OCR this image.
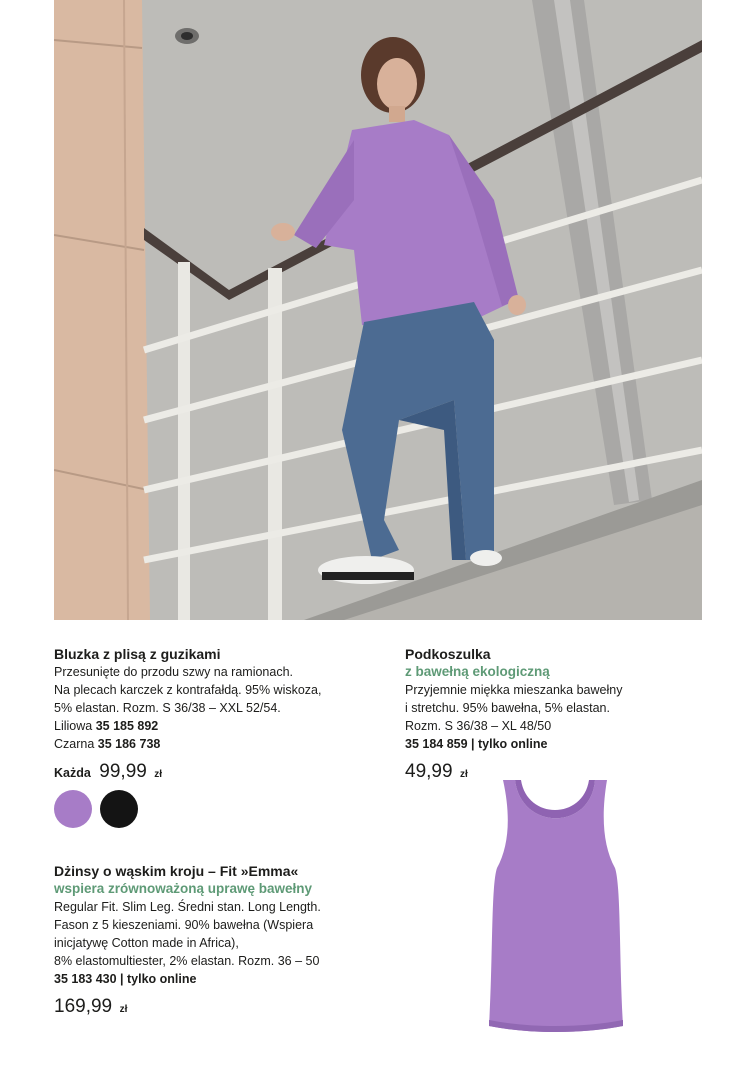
Bluzka z plisą z guzikami
Przesunięte do przodu szwy na ramionach.
Na plecach karczek z kontrafałdą. 95% wiskoza,
5% elastan. Rozm. S 36/38 – XXL 52/54.
Liliowa 35 185 892
Czarna 35 186 738
Każda 99,99 zł
Dżinsy o wąskim kroju – Fit »Emma«
wspiera zrównoważoną uprawę bawełny
Regular Fit. Slim Leg. Średni stan. Long Length.
Fason z 5 kieszeniami. 90% bawełna (Wspiera
inicjatywę Cotton made in Africa),
8% elastomultiester, 2% elastan. Rozm. 36 – 50
35 183 430 | tylko online
169,99 zł
Podkoszulka
z bawełną ekologiczną
Przyjemnie miękka mieszanka bawełny
i stretchu. 95% bawełna, 5% elastan.
Rozm. S 36/38 – XL 48/50
35 184 859 | tylko online
49,99 zł
